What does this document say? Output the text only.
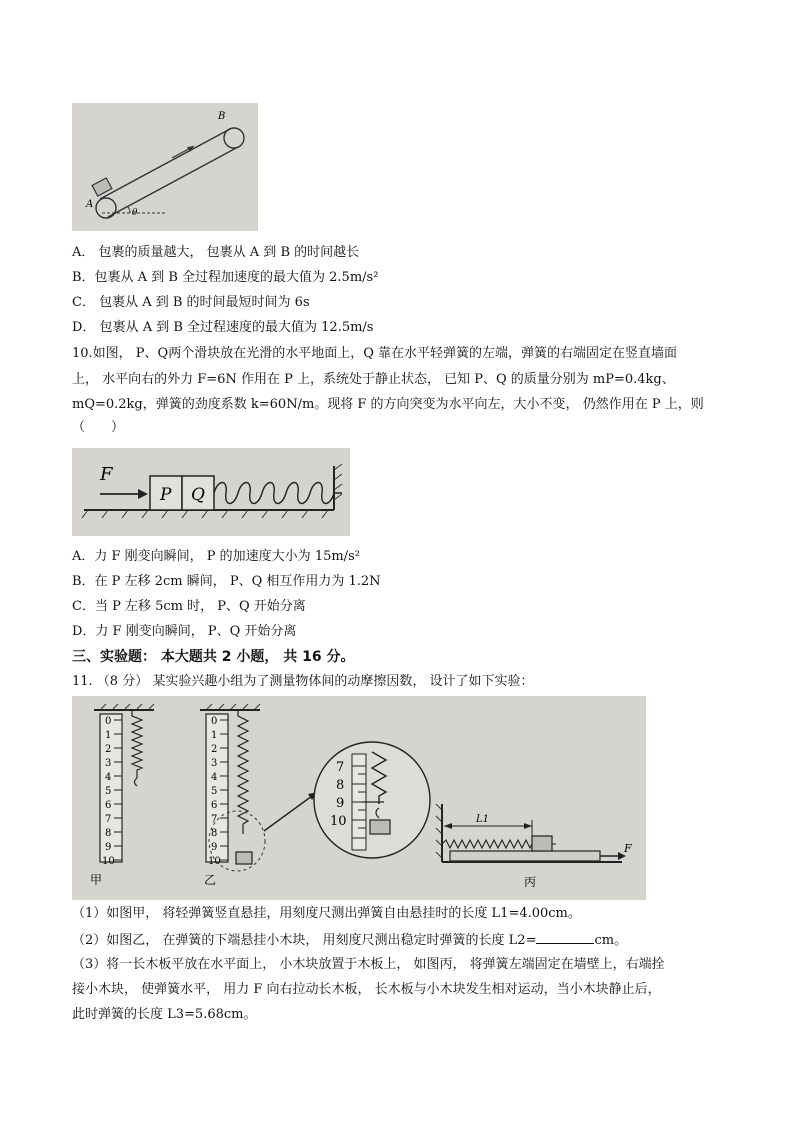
A
B
θ
A． 包裹的质量越大， 包裹从 A 到 B 的时间越长
B．包裹从 A 到 B 全过程加速度的最大值为 2.5m/s²
C． 包裹从 A 到 B 的时间最短时间为 6s
D． 包裹从 A 到 B 全过程速度的最大值为 12.5m/s
10.如图， P、Q两个滑块放在光滑的水平地面上，Q 靠在水平轻弹簧的左端，弹簧的右端固定在竖直墙面
上， 水平向右的外力 F=6N 作用在 P 上，系统处于静止状态， 已知 P、Q 的质量分别为 mP=0.4kg、
mQ=0.2kg，弹簧的劲度系数 k=60N/m。现将 F 的方向突变为水平向左，大小不变， 仍然作用在 P 上，则
（　　）
F
P Q
A．力 F 刚变向瞬间， P 的加速度大小为 15m/s²
B．在 P 左移 2cm 瞬间， P、Q 相互作用力为 1.2N
C．当 P 左移 5cm 时， P、Q 开始分离
D．力 F 刚变向瞬间， P、Q 开始分离
三、实验题： 本大题共 2 小题， 共 16 分。
11. （8 分） 某实验兴趣小组为了测量物体间的动摩擦因数， 设计了如下实验：
0
1
2
3
4
5
6
7
8
9
10
甲
0
1
2
3
4
5
6
7
8
9
10
乙
7
8
9
10	L1
F
丙
（1）如图甲， 将轻弹簧竖直悬挂，用刻度尺测出弹簧自由悬挂时的长度 L1=4.00cm。
（2）如图乙， 在弹簧的下端悬挂小木块， 用刻度尺测出稳定时弹簧的长度 L2=	cm。
（3）将一长木板平放在水平面上， 小木块放置于木板上， 如图丙， 将弹簧左端固定在墙壁上，右端拴
接小木块， 使弹簧水平， 用力 F 向右拉动长木板， 长木板与小木块发生相对运动，当小木块静止后，
此时弹簧的长度 L3=5.68cm。
